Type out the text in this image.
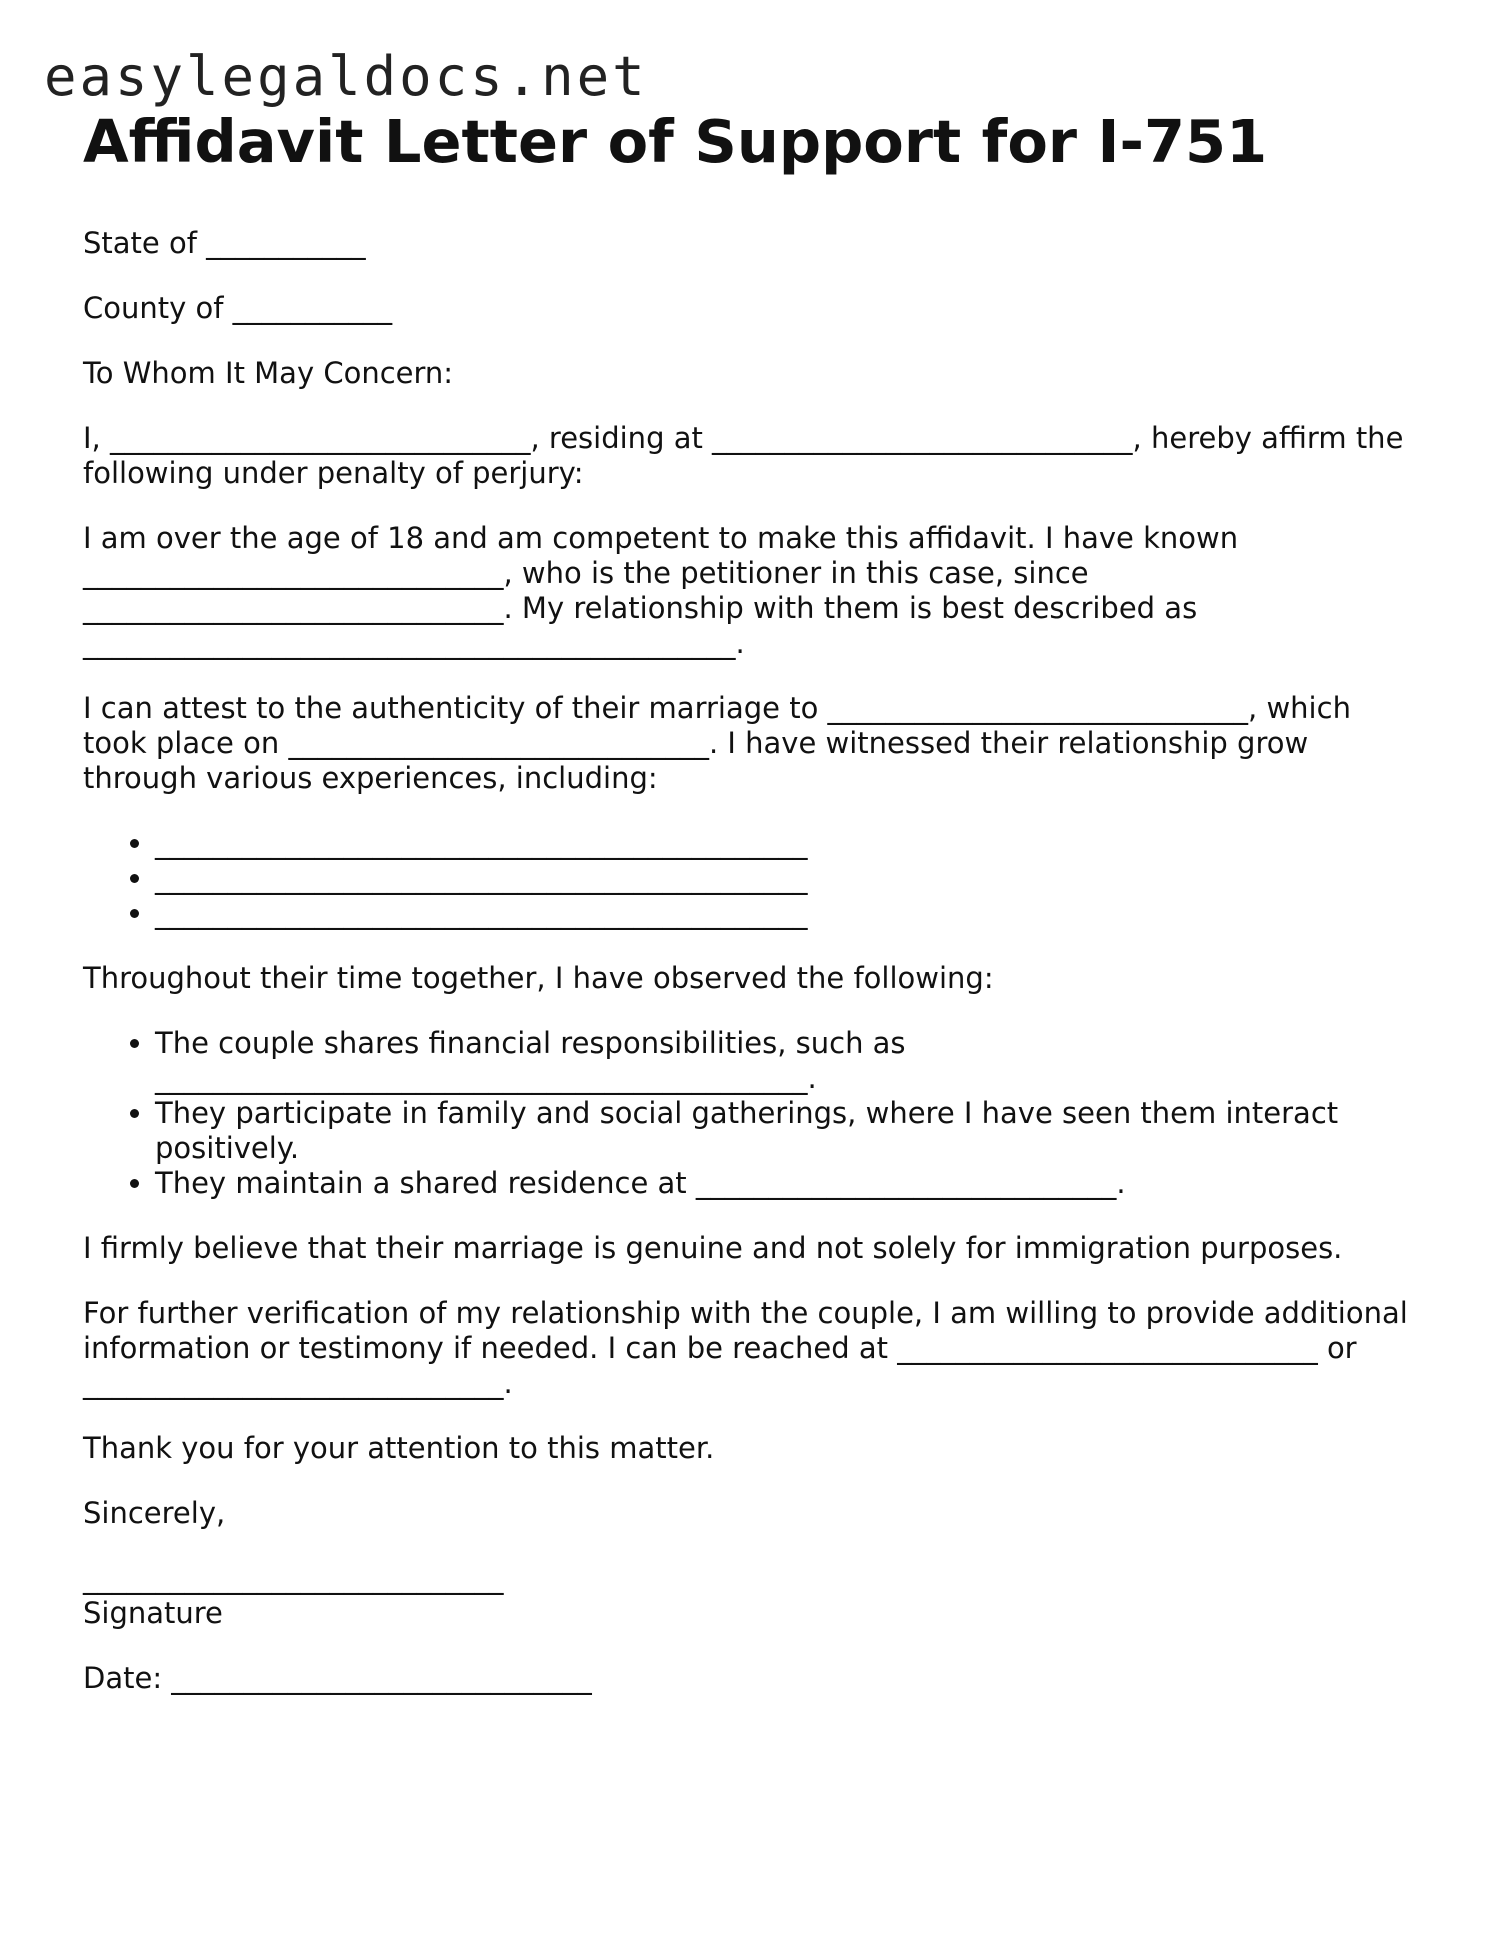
easylegaldocs.net
Affidavit Letter of Support for I-751

State of ___________

County of ___________

To Whom It May Concern:

I, _____________________________, residing at _____________________________, hereby affirm the following under penalty of perjury:

I am over the age of 18 and am competent to make this affidavit. I have known _____________________________, who is the petitioner in this case, since _____________________________. My relationship with them is best described as _____________________________________________.

I can attest to the authenticity of their marriage to _____________________________, which took place on _____________________________. I have witnessed their relationship grow through various experiences, including:

• _____________________________________________
• _____________________________________________
• _____________________________________________

Throughout their time together, I have observed the following:

• The couple shares financial responsibilities, such as _____________________________________________.
• They participate in family and social gatherings, where I have seen them interact positively.
• They maintain a shared residence at _____________________________.

I firmly believe that their marriage is genuine and not solely for immigration purposes.

For further verification of my relationship with the couple, I am willing to provide additional information or testimony if needed. I can be reached at _____________________________ or _____________________________.

Thank you for your attention to this matter.

Sincerely,

_____________________________
Signature

Date: _____________________________
